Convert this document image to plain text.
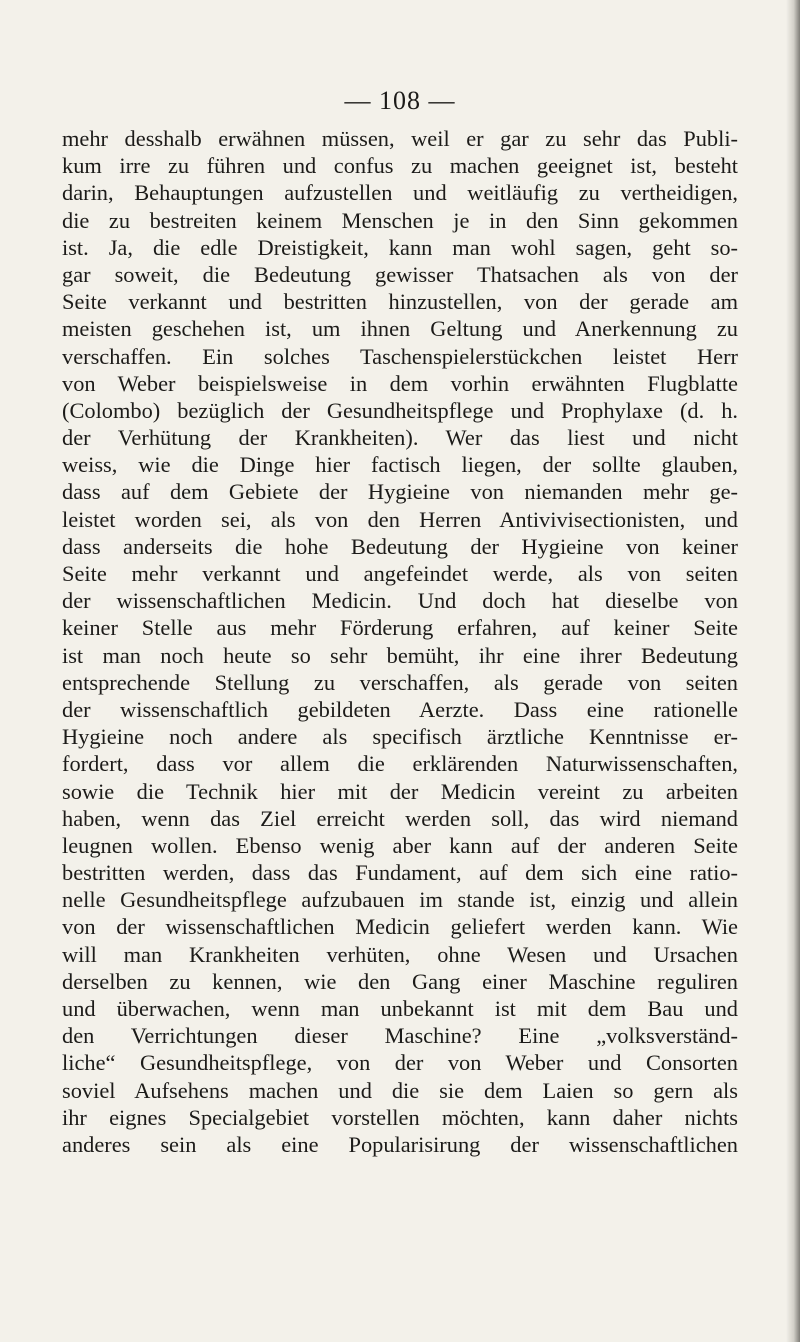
— 108 —
mehr desshalb erwähnen müssen, weil er gar zu sehr das Publi-
kum irre zu führen und confus zu machen geeignet ist, besteht
darin, Behauptungen aufzustellen und weitläufig zu vertheidigen,
die zu bestreiten keinem Menschen je in den Sinn gekommen
ist. Ja, die edle Dreistigkeit, kann man wohl sagen, geht so-
gar soweit, die Bedeutung gewisser Thatsachen als von der
Seite verkannt und bestritten hinzustellen, von der gerade am
meisten geschehen ist, um ihnen Geltung und Anerkennung zu
verschaffen. Ein solches Taschenspielerstückchen leistet Herr
von Weber beispielsweise in dem vorhin erwähnten Flugblatte
(Colombo) bezüglich der Gesundheitspflege und Prophylaxe (d. h.
der Verhütung der Krankheiten). Wer das liest und nicht
weiss, wie die Dinge hier factisch liegen, der sollte glauben,
dass auf dem Gebiete der Hygieine von niemanden mehr ge-
leistet worden sei, als von den Herren Antivivisectionisten, und
dass anderseits die hohe Bedeutung der Hygieine von keiner
Seite mehr verkannt und angefeindet werde, als von seiten
der wissenschaftlichen Medicin. Und doch hat dieselbe von
keiner Stelle aus mehr Förderung erfahren, auf keiner Seite
ist man noch heute so sehr bemüht, ihr eine ihrer Bedeutung
entsprechende Stellung zu verschaffen, als gerade von seiten
der wissenschaftlich gebildeten Aerzte. Dass eine rationelle
Hygieine noch andere als specifisch ärztliche Kenntnisse er-
fordert, dass vor allem die erklärenden Naturwissenschaften,
sowie die Technik hier mit der Medicin vereint zu arbeiten
haben, wenn das Ziel erreicht werden soll, das wird niemand
leugnen wollen. Ebenso wenig aber kann auf der anderen Seite
bestritten werden, dass das Fundament, auf dem sich eine ratio-
nelle Gesundheitspflege aufzubauen im stande ist, einzig und allein
von der wissenschaftlichen Medicin geliefert werden kann. Wie
will man Krankheiten verhüten, ohne Wesen und Ursachen
derselben zu kennen, wie den Gang einer Maschine reguliren
und überwachen, wenn man unbekannt ist mit dem Bau und
den Verrichtungen dieser Maschine? Eine „volksverständ-
liche“ Gesundheitspflege, von der von Weber und Consorten
soviel Aufsehens machen und die sie dem Laien so gern als
ihr eignes Specialgebiet vorstellen möchten, kann daher nichts
anderes sein als eine Popularisirung der wissenschaftlichen
